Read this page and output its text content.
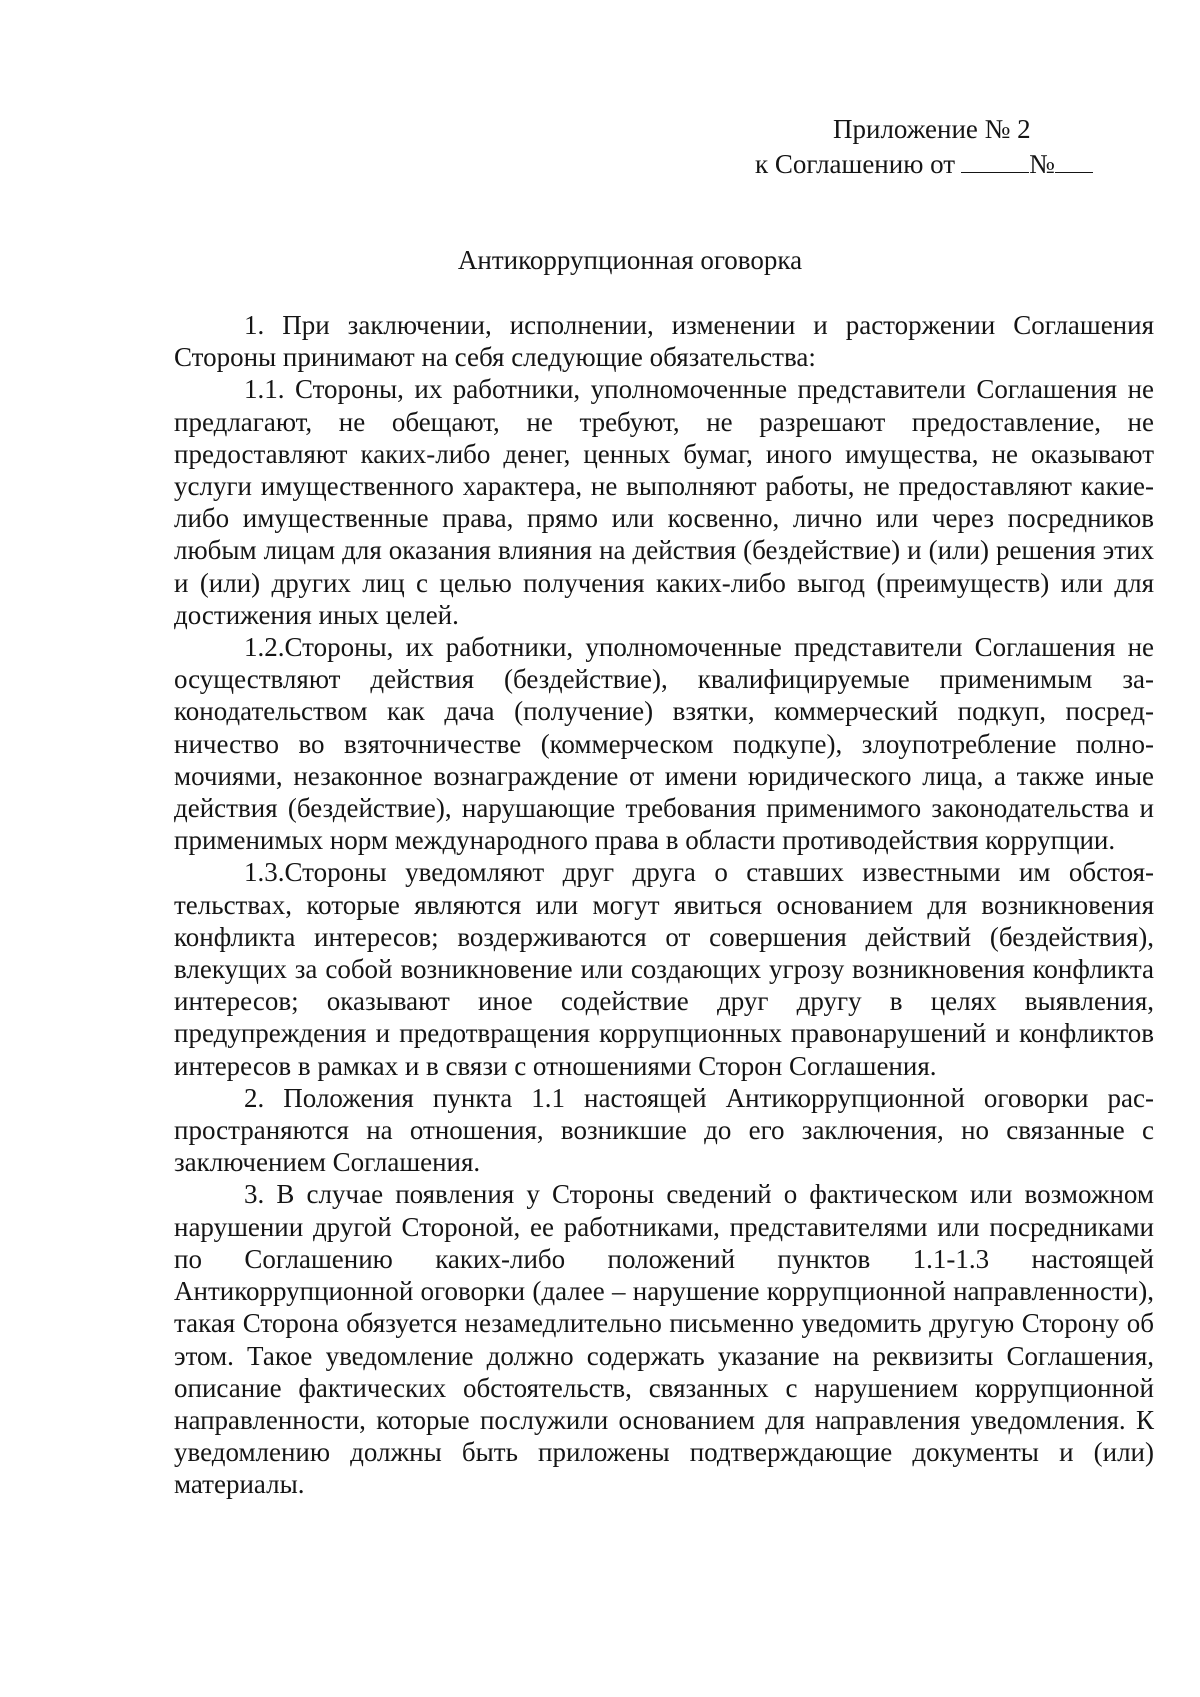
Приложение № 2
к Соглашению от	№
Антикоррупционная оговорка

1. При заключении, исполнении, изменении и расторжении Соглашения Стороны принимают на себя следующие обязательства:

1.1. Стороны, их работники, уполномоченные представители Соглашения не предлагают, не обещают, не требуют, не разрешают предоставление, не предоставляют каких-либо денег, ценных бумаг, иного имущества, не оказывают услуги имущественного характера, не выполняют работы, не предоставляют какие-либо имущественные права, прямо или косвенно, лично или через посредников любым лицам для оказания влияния на действия (бездействие) и (или) решения этих и (или) других лиц с целью получения каких-либо выгод (преимуществ) или для достижения иных целей.

1.2.Стороны, их работники, уполномоченные представители Соглашения не осуществляют действия (бездействие), квалифицируемые применимым законодательством как дача (получение) взятки, коммерческий подкуп, посредничество во взяточничестве (коммерческом подкупе), злоупотребление полномочиями, незаконное вознаграждение от имени юридического лица, а также иные действия (бездействие), нарушающие требования применимого законодательства и применимых норм международного права в области противодействия коррупции.

1.3.Стороны уведомляют друг друга о ставших известными им обстоятельствах, которые являются или могут явиться основанием для возникновения конфликта интересов; воздерживаются от совершения действий (бездействия), влекущих за собой возникновение или создающих угрозу возникновения конфликта интересов; оказывают иное содействие друг другу в целях выявления, предупреждения и предотвращения коррупционных правонарушений и конфликтов интересов в рамках и в связи с отношениями Сторон Соглашения.

2. Положения пункта 1.1 настоящей Антикоррупционной оговорки распространяются на отношения, возникшие до его заключения, но связанные с заключением Соглашения.

3. В случае появления у Стороны сведений о фактическом или возможном нарушении другой Стороной, ее работниками, представителями или посредниками по Соглашению каких-либо положений пунктов 1.1-1.3 настоящей Антикоррупционной оговорки (далее – нарушение коррупционной направленности), такая Сторона обязуется незамедлительно письменно уведомить другую Сторону об этом. Такое уведомление должно содержать указание на реквизиты Соглашения, описание фактических обстоятельств, связанных с нарушением коррупционной направленности, которые послужили основанием для направления уведомления. К уведомлению должны быть приложены подтверждающие документы и (или) материалы.
